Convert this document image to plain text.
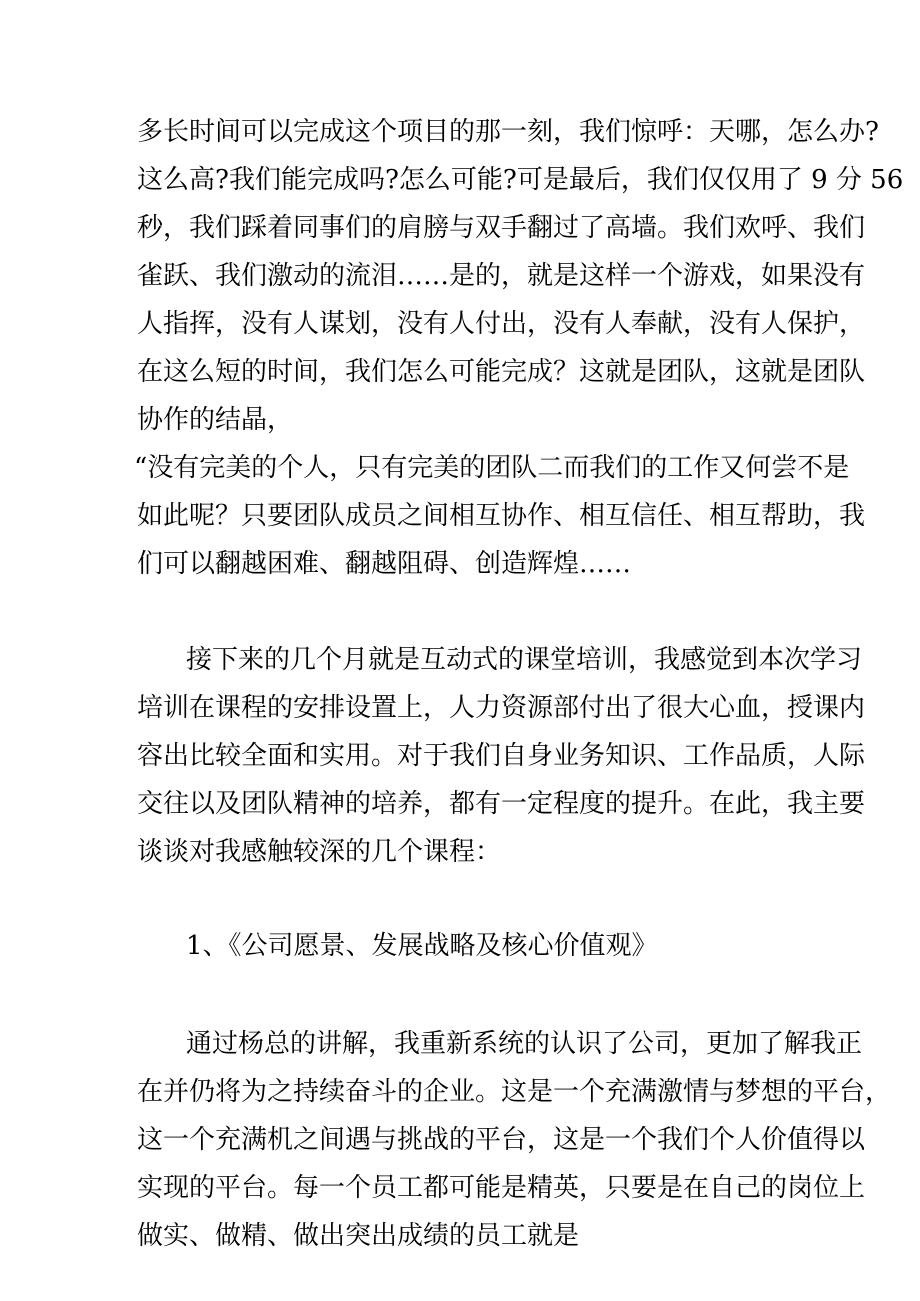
多长时间可以完成这个项目的那一刻，我们惊呼：天哪，怎么办?
这么高?我们能完成吗?怎么可能?可是最后，我们仅仅用了 9 分 56
秒，我们踩着同事们的肩膀与双手翻过了高墙。我们欢呼、我们
雀跃、我们激动的流泪……是的，就是这样一个游戏，如果没有
人指挥，没有人谋划，没有人付出，没有人奉献，没有人保护，
在这么短的时间，我们怎么可能完成？这就是团队，这就是团队
协作的结晶，
“没有完美的个人，只有完美的团队二而我们的工作又何尝不是
如此呢？只要团队成员之间相互协作、相互信任、相互帮助，我
们可以翻越困难、翻越阻碍、创造辉煌……
接下来的几个月就是互动式的课堂培训，我感觉到本次学习
培训在课程的安排设置上，人力资源部付出了很大心血，授课内
容出比较全面和实用。对于我们自身业务知识、工作品质，人际
交往以及团队精神的培养，都有一定程度的提升。在此，我主要
谈谈对我感触较深的几个课程：
1、《公司愿景、发展战略及核心价值观》
通过杨总的讲解，我重新系统的认识了公司，更加了解我正
在并仍将为之持续奋斗的企业。这是一个充满激情与梦想的平台，
这一个充满机之间遇与挑战的平台，这是一个我们个人价值得以
实现的平台。每一个员工都可能是精英，只要是在自己的岗位上
做实、做精、做出突出成绩的员工就是
